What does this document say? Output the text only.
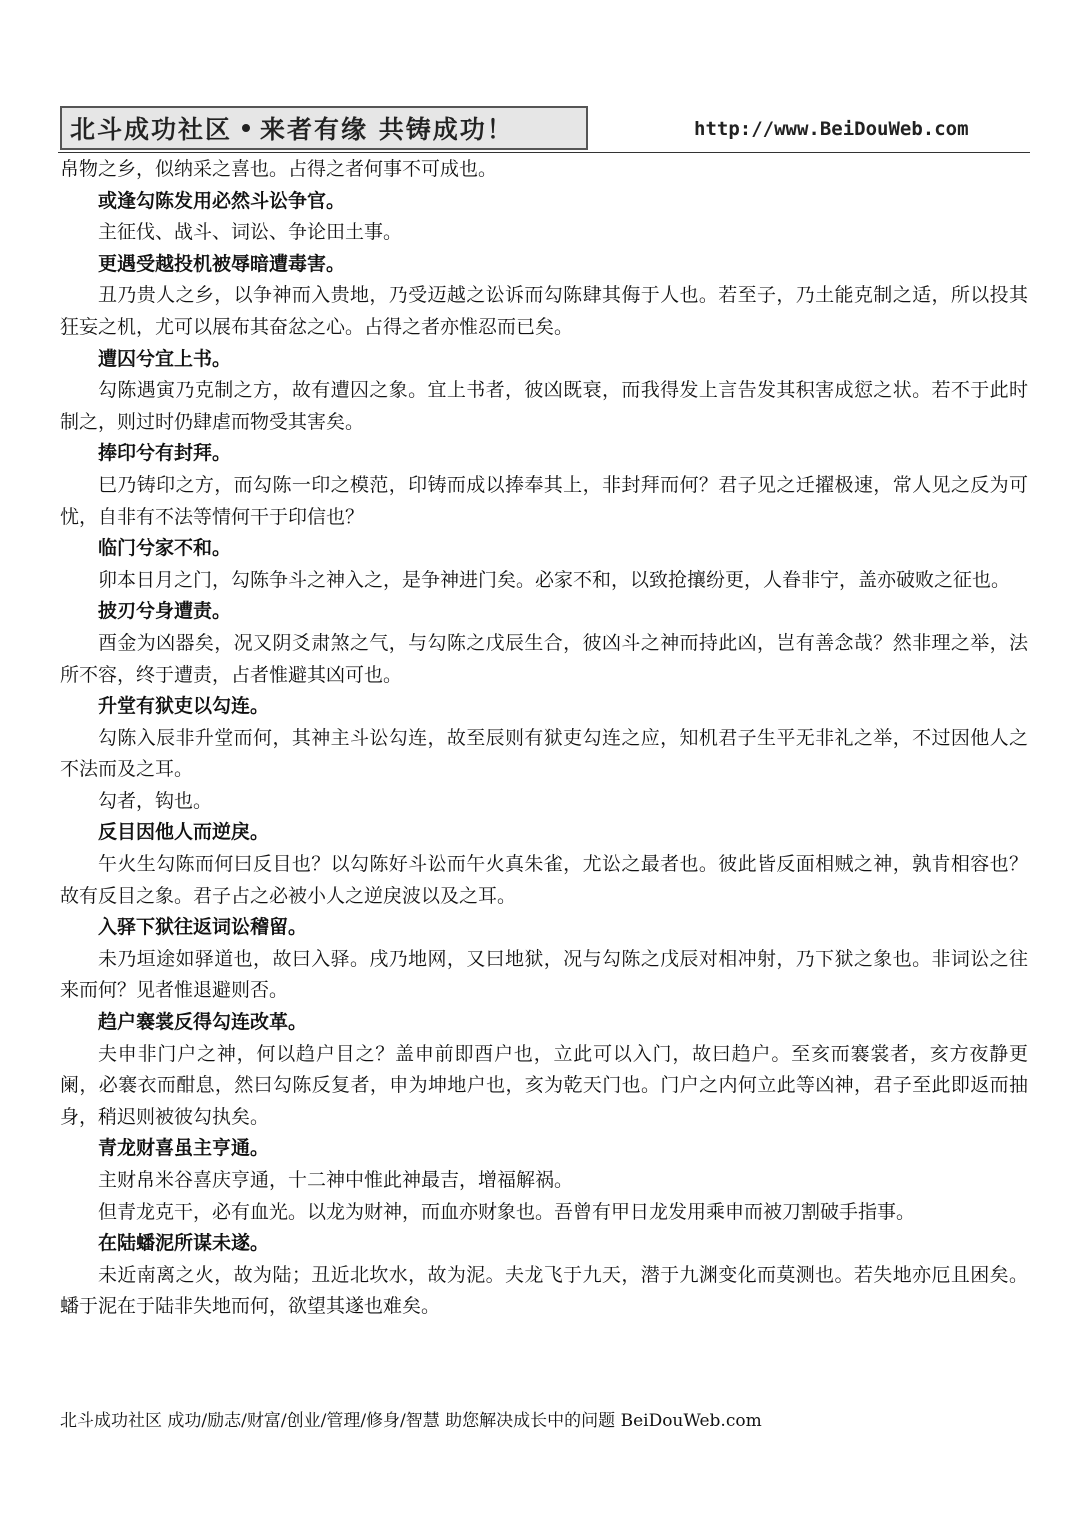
北斗成功社区 来者有缘 共铸成功！	http://www.BeiDouWeb.com
帛物之乡，似纳采之喜也。占得之者何事不可成也。

或逢勾陈发用必然斗讼争官。

主征伐、战斗、词讼、争论田土事。

更遇受越投机被辱暗遭毒害。

丑乃贵人之乡，以争神而入贵地，乃受迈越之讼诉而勾陈肆其侮于人也。若至子，乃土能克制之适，所以投其狂妄之机，尤可以展布其奋忿之心。占得之者亦惟忍而已矣。

遭囚兮宜上书。

勾陈遇寅乃克制之方，故有遭囚之象。宜上书者，彼凶既衰，而我得发上言告发其积害成愆之状。若不于此时制之，则过时仍肆虐而物受其害矣。

捧印兮有封拜。

巳乃铸印之方，而勾陈一印之模范，印铸而成以捧奉其上，非封拜而何？君子见之迁擢极速，常人见之反为可忧，自非有不法等情何干于印信也？

临门兮家不和。

卯本日月之门，勾陈争斗之神入之，是争神进门矣。必家不和，以致抢攘纷更，人眷非宁，盖亦破败之征也。

披刃兮身遭责。

酉金为凶器矣，况又阴爻肃煞之气，与勾陈之戊辰生合，彼凶斗之神而持此凶，岂有善念哉？然非理之举，法所不容，终于遭责，占者惟避其凶可也。

升堂有狱吏以勾连。

勾陈入辰非升堂而何，其神主斗讼勾连，故至辰则有狱吏勾连之应，知机君子生平无非礼之举，不过因他人之不法而及之耳。

勾者，钩也。

反目因他人而逆戾。

午火生勾陈而何曰反目也？以勾陈好斗讼而午火真朱雀，尤讼之最者也。彼此皆反面相贼之神，孰肯相容也？故有反目之象。君子占之必被小人之逆戾波以及之耳。

入驿下狱往返词讼稽留。

未乃垣途如驿道也，故曰入驿。戌乃地网，又曰地狱，况与勾陈之戊辰对相冲射，乃下狱之象也。非词讼之往来而何？见者惟退避则否。

趋户褰裳反得勾连改革。

夫申非门户之神，何以趋户目之？盖申前即酉户也，立此可以入门，故曰趋户。至亥而褰裳者，亥方夜静更阑，必褰衣而酣息，然曰勾陈反复者，申为坤地户也，亥为乾天门也。门户之内何立此等凶神，君子至此即返而抽身，稍迟则被彼勾执矣。

青龙财喜虽主亨通。

主财帛米谷喜庆亨通，十二神中惟此神最吉，增福解祸。

但青龙克干，必有血光。以龙为财神，而血亦财象也。吾曾有甲日龙发用乘申而被刀割破手指事。

在陆蟠泥所谋未遂。

未近南离之火，故为陆；丑近北坎水，故为泥。夫龙飞于九天，潜于九渊变化而莫测也。若失地亦厄且困矣。蟠于泥在于陆非失地而何，欲望其遂也难矣。

北斗成功社区 成功/励志/财富/创业/管理/修身/智慧 助您解决成长中的问题 BeiDouWeb.com
